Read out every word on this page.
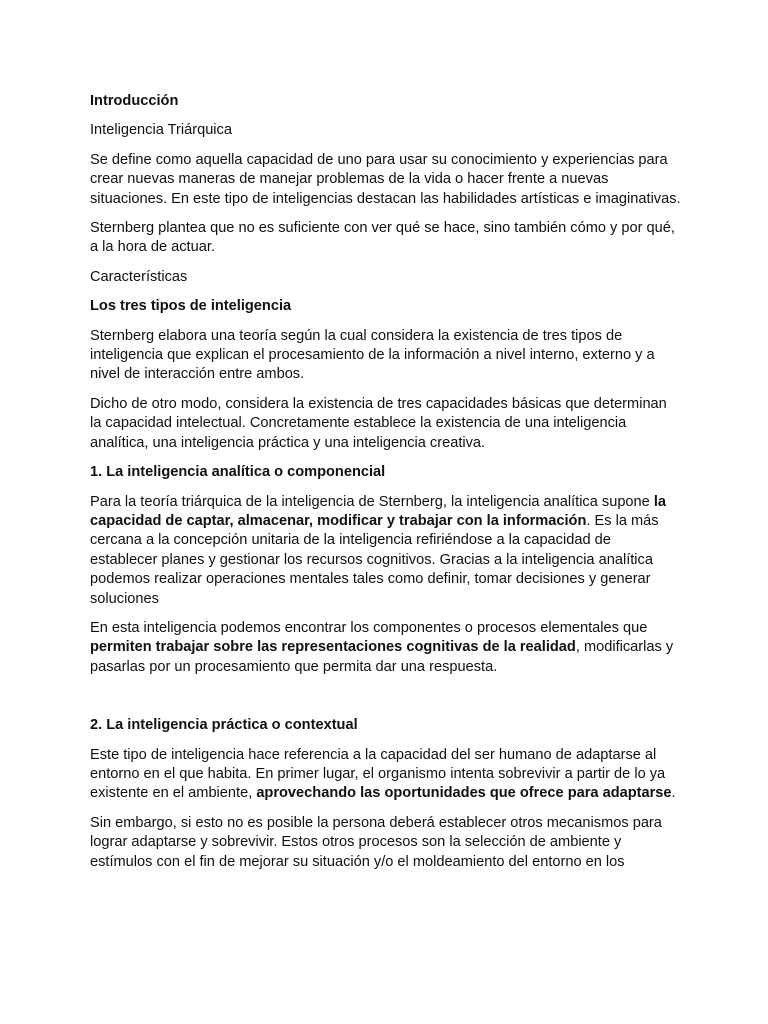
Introducción

Inteligencia Triárquica

Se define como aquella capacidad de uno para usar su conocimiento y experiencias para crear nuevas maneras de manejar problemas de la vida o hacer frente a nuevas situaciones. En este tipo de inteligencias destacan las habilidades artísticas e imaginativas.

Sternberg plantea que no es suficiente con ver qué se hace, sino también cómo y por qué, a la hora de actuar.

Características

Los tres tipos de inteligencia

Sternberg elabora una teoría según la cual considera la existencia de tres tipos de inteligencia que explican el procesamiento de la información a nivel interno, externo y a nivel de interacción entre ambos.

Dicho de otro modo, considera la existencia de tres capacidades básicas que determinan la capacidad intelectual. Concretamente establece la existencia de una inteligencia analítica, una inteligencia práctica y una inteligencia creativa.

1. La inteligencia analítica o componencial

Para la teoría triárquica de la inteligencia de Sternberg, la inteligencia analítica supone la capacidad de captar, almacenar, modificar y trabajar con la información. Es la más cercana a la concepción unitaria de la inteligencia refiriéndose a la capacidad de establecer planes y gestionar los recursos cognitivos. Gracias a la inteligencia analítica podemos realizar operaciones mentales tales como definir, tomar decisiones y generar soluciones

En esta inteligencia podemos encontrar los componentes o procesos elementales que permiten trabajar sobre las representaciones cognitivas de la realidad, modificarlas y pasarlas por un procesamiento que permita dar una respuesta.

2. La inteligencia práctica o contextual

Este tipo de inteligencia hace referencia a la capacidad del ser humano de adaptarse al entorno en el que habita. En primer lugar, el organismo intenta sobrevivir a partir de lo ya existente en el ambiente, aprovechando las oportunidades que ofrece para adaptarse.

Sin embargo, si esto no es posible la persona deberá establecer otros mecanismos para lograr adaptarse y sobrevivir. Estos otros procesos son la selección de ambiente y estímulos con el fin de mejorar su situación y/o el moldeamiento del entorno en los
